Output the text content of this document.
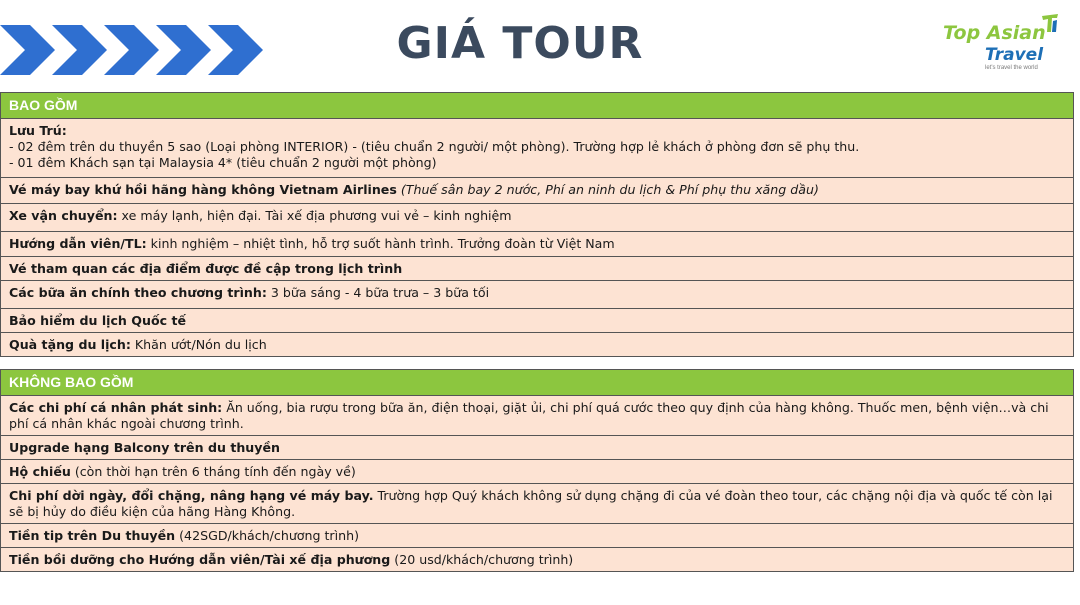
GIÁ TOUR	Top Asian
Travel
let's travel the world
BAO GỒM
Lưu Trú:
- 02 đêm trên du thuyền 5 sao (Loại phòng INTERIOR) - (tiêu chuẩn 2 người/ một phòng). Trường hợp lẻ khách ở phòng đơn sẽ phụ thu.
- 01 đêm Khách sạn tại Malaysia 4* (tiêu chuẩn 2 người một phòng)
Vé máy bay khứ hồi hãng hàng không Vietnam Airlines (Thuế sân bay 2 nước, Phí an ninh du lịch & Phí phụ thu xăng dầu)
Xe vận chuyển: xe máy lạnh, hiện đại. Tài xế địa phương vui vẻ – kinh nghiệm
Hướng dẫn viên/TL: kinh nghiệm – nhiệt tình, hỗ trợ suốt hành trình. Trưởng đoàn từ Việt Nam
Vé tham quan các địa điểm được đề cập trong lịch trình
Các bữa ăn chính theo chương trình: 3 bữa sáng - 4 bữa trưa – 3 bữa tối
Bảo hiểm du lịch Quốc tế
Quà tặng du lịch: Khăn ướt/Nón du lịch
KHÔNG BAO GỒM
Các chi phí cá nhân phát sinh: Ăn uống, bia rượu trong bữa ăn, điện thoại, giặt ủi, chi phí quá cước theo quy định của hàng không. Thuốc men, bệnh viện…và chi phí cá nhân khác ngoài chương trình.
Upgrade hạng Balcony trên du thuyền
Hộ chiếu (còn thời hạn trên 6 tháng tính đến ngày về)
Chi phí dời ngày, đổi chặng, nâng hạng vé máy bay. Trường hợp Quý khách không sử dụng chặng đi của vé đoàn theo tour, các chặng nội địa và quốc tế còn lại sẽ bị hủy do điều kiện của hãng Hàng Không.
Tiền tip trên Du thuyền (42SGD/khách/chương trình)
Tiền bồi dưỡng cho Hướng dẫn viên/Tài xế địa phương (20 usd/khách/chương trình)
